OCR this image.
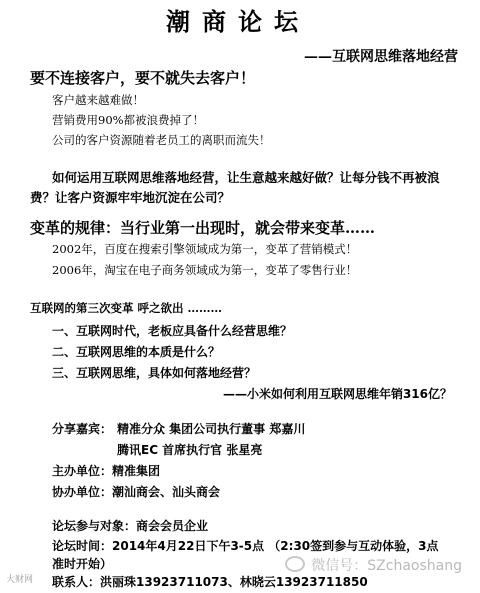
潮商论坛
——互联网思维落地经营
要不连接客户，要不就失去客户！
客户越来越难做！
营销费用90%都被浪费掉了！
公司的客户资源随着老员工的离职而流失！
如何运用互联网思维落地经营，让生意越来越好做？让每分钱不再被浪费？让客户资源牢牢地沉淀在公司？
变革的规律：当行业第一出现时，就会带来变革……
2002年，百度在搜索引擎领域成为第一，变革了营销模式！
2006年，淘宝在电子商务领域成为第一，变革了零售行业！
互联网的第三次变革 呼之欲出 ………
一、互联网时代，老板应具备什么经营思维？
二、互联网思维的本质是什么？
三、互联网思维，具体如何落地经营？
——小米如何利用互联网思维年销316亿？
分享嘉宾： 精准分众 集团公司执行董事 郑嘉川
腾讯EC 首席执行官 张星亮
主办单位：精准集团
协办单位：潮汕商会、汕头商会
论坛参与对象：商会会员企业
论坛时间：2014年4月22日下午3-5点 （2:30签到参与互动体验，3点
准时开始）
联系人：洪丽珠13923711073、林晓云13923711850
微信号：SZchaoshang
大财网
